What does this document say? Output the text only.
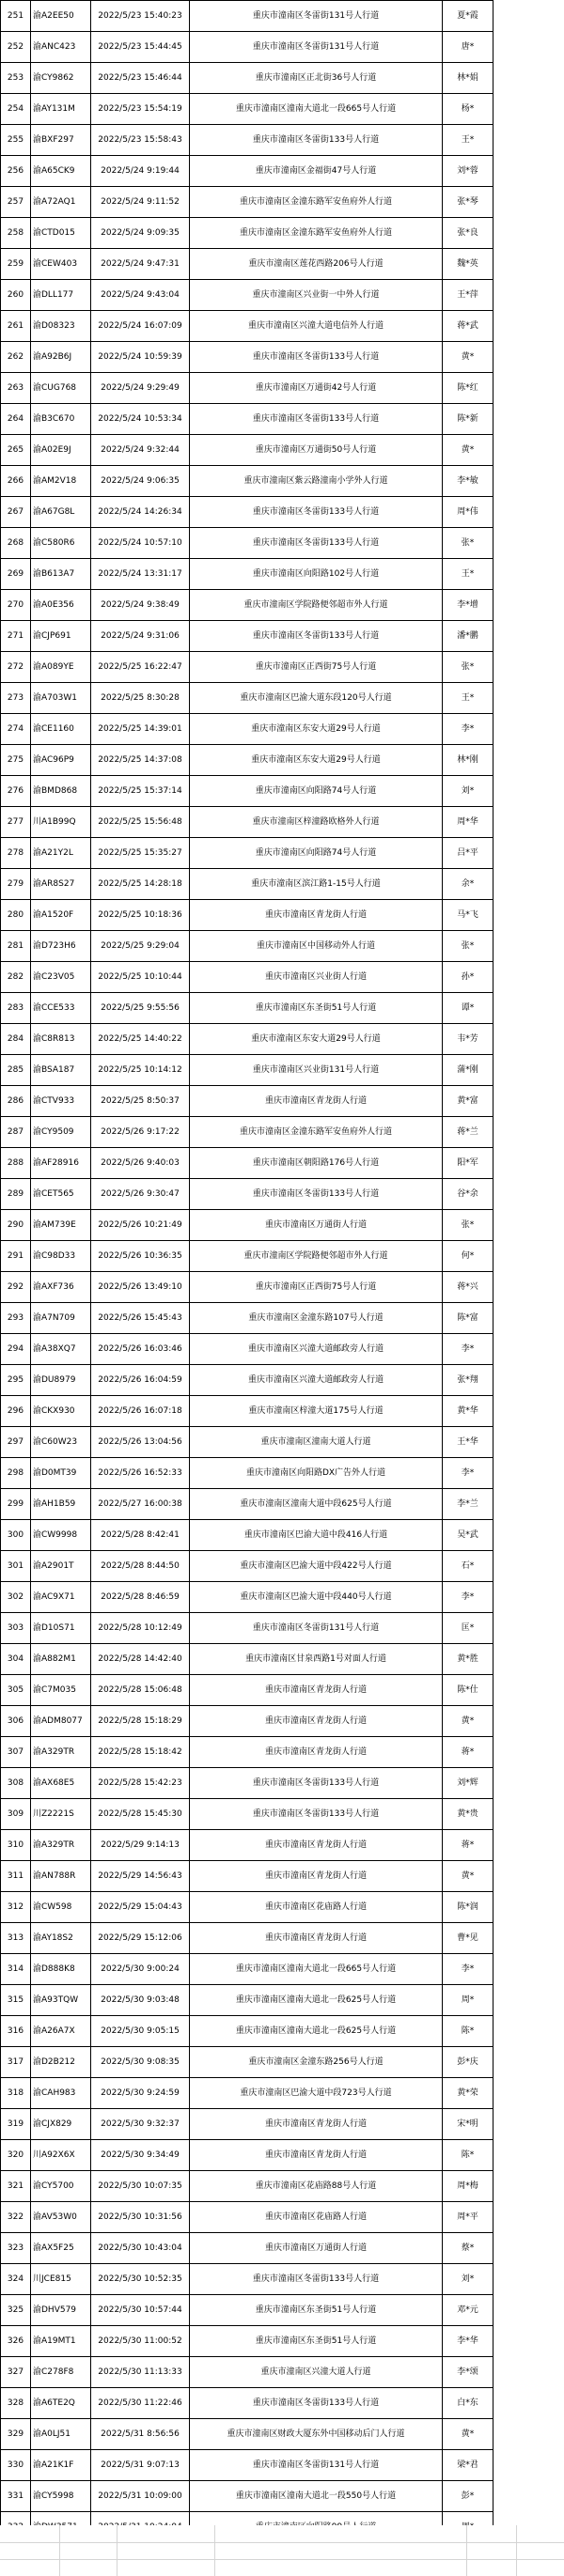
251	渝A2EE50	2022/5/23 15:40:23	重庆市潼南区冬雷街131号人行道	夏*霞
252	渝ANC423	2022/5/23 15:44:45	重庆市潼南区冬雷街131号人行道	唐*
253	渝CY9862	2022/5/23 15:46:44	重庆市潼南区正北街36号人行道	林*娟
254	渝AY131M	2022/5/23 15:54:19	重庆市潼南区潼南大道北一段665号人行道	杨*
255	渝BXF297	2022/5/23 15:58:43	重庆市潼南区冬雷街133号人行道	王*
256	渝A65CK9	2022/5/24 9:19:44	重庆市潼南区金福街47号人行道	刘*蓉
257	渝A72AQ1	2022/5/24 9:11:52	重庆市潼南区金潼东路军安鱼府外人行道	张*琴
258	渝CTD015	2022/5/24 9:09:35	重庆市潼南区金潼东路军安鱼府外人行道	张*良
259	渝CEW403	2022/5/24 9:47:31	重庆市潼南区莲花西路206号人行道	魏*英
260	渝DLL177	2022/5/24 9:43:04	重庆市潼南区兴业街一中外人行道	王*萍
261	渝D08323	2022/5/24 16:07:09	重庆市潼南区兴潼大道电信外人行道	蒋*武
262	渝A92B6J	2022/5/24 10:59:39	重庆市潼南区冬雷街133号人行道	黄*
263	渝CUG768	2022/5/24 9:29:49	重庆市潼南区万通街42号人行道	陈*红
264	渝B3C670	2022/5/24 10:53:34	重庆市潼南区冬雷街133号人行道	陈*新
265	渝A02E9J	2022/5/24 9:32:44	重庆市潼南区万通街50号人行道	黄*
266	渝AM2V18	2022/5/24 9:06:35	重庆市潼南区紫云路潼南小学外人行道	李*敏
267	渝A67G8L	2022/5/24 14:26:34	重庆市潼南区冬雷街133号人行道	周*伟
268	渝C580R6	2022/5/24 10:57:10	重庆市潼南区冬雷街133号人行道	张*
269	渝B613A7	2022/5/24 13:31:17	重庆市潼南区向阳路102号人行道	王*
270	渝A0E356	2022/5/24 9:38:49	重庆市潼南区学院路便邻超市外人行道	李*增
271	渝CJP691	2022/5/24 9:31:06	重庆市潼南区冬雷街133号人行道	潘*鹏
272	渝A089YE	2022/5/25 16:22:47	重庆市潼南区正西街75号人行道	张*
273	渝A703W1	2022/5/25 8:30:28	重庆市潼南区巴渝大道东段120号人行道	王*
274	渝CE1160	2022/5/25 14:39:01	重庆市潼南区东安大道29号人行道	李*
275	渝AC96P9	2022/5/25 14:37:08	重庆市潼南区东安大道29号人行道	林*刚
276	渝BMD868	2022/5/25 15:37:14	重庆市潼南区向阳路74号人行道	刘*
277	川A1B99Q	2022/5/25 15:56:48	重庆市潼南区梓潼路欧格外人行道	周*华
278	渝A21Y2L	2022/5/25 15:35:27	重庆市潼南区向阳路74号人行道	吕*平
279	渝AR8S27	2022/5/25 14:28:18	重庆市潼南区滨江路1-15号人行道	余*
280	渝A1520F	2022/5/25 10:18:36	重庆市潼南区青龙街人行道	马*飞
281	渝D723H6	2022/5/25 9:29:04	重庆市潼南区中国移动外人行道	张*
282	渝C23V05	2022/5/25 10:10:44	重庆市潼南区兴业街人行道	孙*
283	渝CCE533	2022/5/25 9:55:56	重庆市潼南区东圣街51号人行道	谭*
284	渝C8R813	2022/5/25 14:40:22	重庆市潼南区东安大道29号人行道	韦*芳
285	渝BSA187	2022/5/25 10:14:12	重庆市潼南区兴业街131号人行道	蒲*刚
286	渝CTV933	2022/5/25 8:50:37	重庆市潼南区青龙街人行道	黄*富
287	渝CY9509	2022/5/26 9:17:22	重庆市潼南区金潼东路军安鱼府外人行道	蒋*兰
288	渝AF28916	2022/5/26 9:40:03	重庆市潼南区朝阳路176号人行道	阳*军
289	渝CET565	2022/5/26 9:30:47	重庆市潼南区冬雷街133号人行道	谷*余
290	渝AM739E	2022/5/26 10:21:49	重庆市潼南区万通街人行道	张*
291	渝C98D33	2022/5/26 10:36:35	重庆市潼南区学院路便邻超市外人行道	何*
292	渝AXF736	2022/5/26 13:49:10	重庆市潼南区正西街75号人行道	蒋*兴
293	渝A7N709	2022/5/26 15:45:43	重庆市潼南区金潼东路107号人行道	陈*富
294	渝A38XQ7	2022/5/26 16:03:46	重庆市潼南区兴潼大道邮政旁人行道	李*
295	渝DU8979	2022/5/26 16:04:59	重庆市潼南区兴潼大道邮政旁人行道	张*翔
296	渝CKX930	2022/5/26 16:07:18	重庆市潼南区梓潼大道175号人行道	黄*华
297	渝C60W23	2022/5/26 13:04:56	重庆市潼南区潼南大道人行道	王*华
298	渝D0MT39	2022/5/26 16:52:33	重庆市潼南区向阳路DX广告外人行道	李*
299	渝AH1B59	2022/5/27 16:00:38	重庆市潼南区潼南大道中段625号人行道	李*兰
300	渝CW9998	2022/5/28 8:42:41	重庆市潼南区巴渝大道中段416人行道	吴*武
301	渝A2901T	2022/5/28 8:44:50	重庆市潼南区巴渝大道中段422号人行道	石*
302	渝AC9X71	2022/5/28 8:46:59	重庆市潼南区巴渝大道中段440号人行道	李*
303	渝D10S71	2022/5/28 10:12:49	重庆市潼南区冬雷街131号人行道	匡*
304	渝A882M1	2022/5/28 14:42:40	重庆市潼南区甘泉西路1号对面人行道	黄*胜
305	渝C7M035	2022/5/28 15:06:48	重庆市潼南区青龙街人行道	陈*仕
306	渝ADM8077	2022/5/28 15:18:29	重庆市潼南区青龙街人行道	黄*
307	渝A329TR	2022/5/28 15:18:42	重庆市潼南区青龙街人行道	蒋*
308	渝AX68E5	2022/5/28 15:42:23	重庆市潼南区冬雷街133号人行道	刘*辉
309	川Z2221S	2022/5/28 15:45:30	重庆市潼南区冬雷街133号人行道	黄*贵
310	渝A329TR	2022/5/29 9:14:13	重庆市潼南区青龙街人行道	蒋*
311	渝AN788R	2022/5/29 14:56:43	重庆市潼南区青龙街人行道	黄*
312	渝CW598	2022/5/29 15:04:43	重庆市潼南区花庙路人行道	陈*润
313	渝AY18S2	2022/5/29 15:12:06	重庆市潼南区青龙街人行道	曹*见
314	渝D888K8	2022/5/30 9:00:24	重庆市潼南区潼南大道北一段665号人行道	李*
315	渝A93TQW	2022/5/30 9:03:48	重庆市潼南区潼南大道北一段625号人行道	周*
316	渝A26A7X	2022/5/30 9:05:15	重庆市潼南区潼南大道北一段625号人行道	陈*
317	渝D2B212	2022/5/30 9:08:35	重庆市潼南区金潼东路256号人行道	彭*庆
318	渝CAH983	2022/5/30 9:24:59	重庆市潼南区巴渝大道中段723号人行道	黄*荣
319	渝CJX829	2022/5/30 9:32:37	重庆市潼南区青龙街人行道	宋*明
320	川A92X6X	2022/5/30 9:34:49	重庆市潼南区青龙街人行道	陈*
321	渝CY5700	2022/5/30 10:07:35	重庆市潼南区花庙路88号人行道	周*梅
322	渝AV53W0	2022/5/30 10:31:56	重庆市潼南区花庙路人行道	周*平
323	渝AX5F25	2022/5/30 10:43:04	重庆市潼南区万通街人行道	蔡*
324	川JCE815	2022/5/30 10:52:35	重庆市潼南区冬雷街133号人行道	刘*
325	渝DHV579	2022/5/30 10:57:44	重庆市潼南区东圣街51号人行道	邓*元
326	渝A19MT1	2022/5/30 11:00:52	重庆市潼南区东圣街51号人行道	李*华
327	渝C278F8	2022/5/30 11:13:33	重庆市潼南区兴潼大道人行道	李*颂
328	渝A6TE2Q	2022/5/30 11:22:46	重庆市潼南区冬雷街133号人行道	白*东
329	渝A0LJ51	2022/5/31 8:56:56	重庆市潼南区财政大厦东外中国移动后门人行道	黄*
330	渝A21K1F	2022/5/31 9:07:13	重庆市潼南区冬雷街131号人行道	梁*君
331	渝CY5998	2022/5/31 10:09:00	重庆市潼南区潼南大道北一段550号人行道	彭*
